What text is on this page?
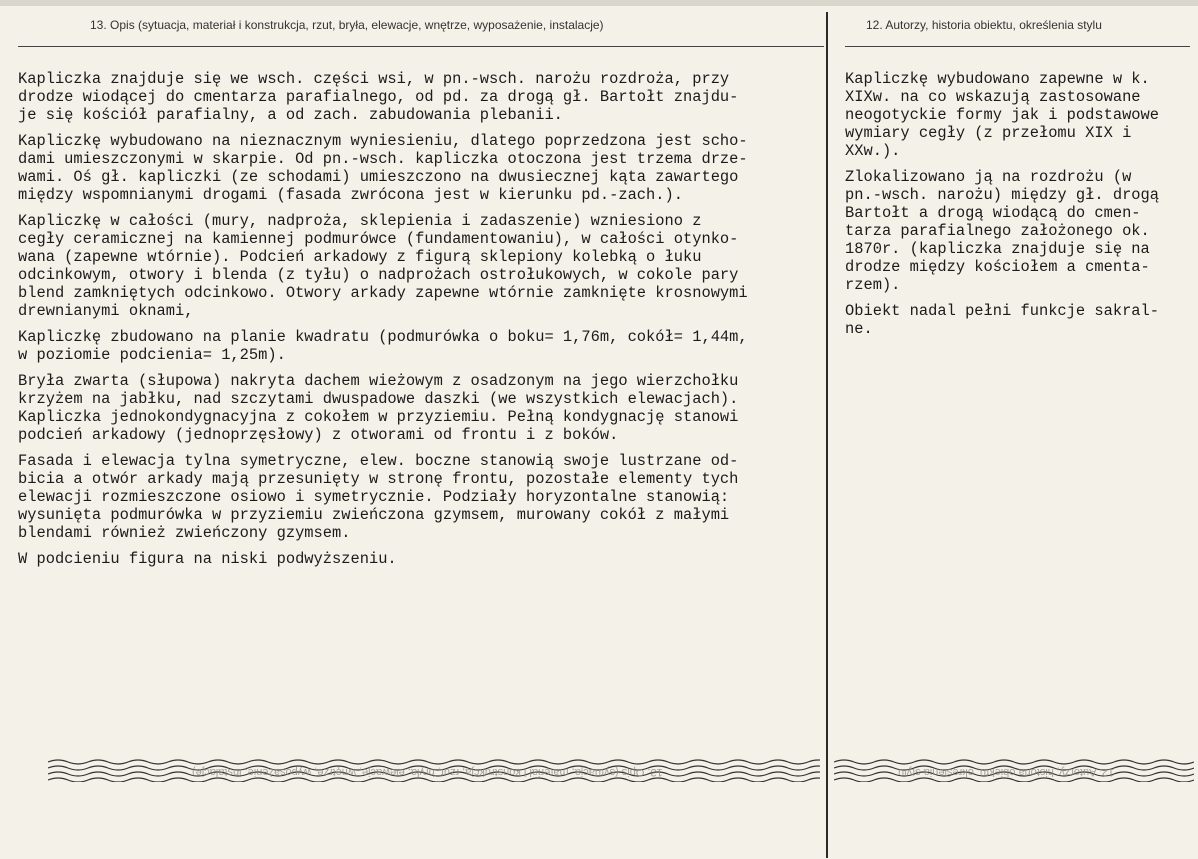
13. Opis (sytuacja, materiał i konstrukcja, rzut, bryła, elewacje, wnętrze, wyposażenie, instalacje)	12. Autorzy, historia obiektu, określenia stylu

Kapliczka znajduje się we wsch. części wsi, w pn.-wsch. narożu rozdroża, przy
drodze wiodącej do cmentarza parafialnego, od pd. za drogą gł. Bartołt znajdu-
je się kościół parafialny, a od zach. zabudowania plebanii.

Kapliczkę wybudowano na nieznacznym wyniesieniu, dlatego poprzedzona jest scho-
dami umieszczonymi w skarpie. Od pn.-wsch. kapliczka otoczona jest trzema drze-
wami. Oś gł. kapliczki (ze schodami) umieszczono na dwusiecznej kąta zawartego
między wspomnianymi drogami (fasada zwrócona jest w kierunku pd.-zach.).

Kapliczkę w całości (mury, nadproża, sklepienia i zadaszenie) wzniesiono z
cegły ceramicznej na kamiennej podmurówce (fundamentowaniu), w całości otynko-
wana (zapewne wtórnie). Podcień arkadowy z figurą sklepiony kolebką o łuku
odcinkowym, otwory i blenda (z tyłu) o nadprożach ostrołukowych, w cokole pary
blend zamkniętych odcinkowo. Otwory arkady zapewne wtórnie zamknięte krosnowymi
drewnianymi oknami,

Kapliczkę zbudowano na planie kwadratu (podmurówka o boku= 1,76m, cokół= 1,44m,
w poziomie podcienia= 1,25m).

Bryła zwarta (słupowa) nakryta dachem wieżowym z osadzonym na jego wierzchołku
krzyżem na jabłku, nad szczytami dwuspadowe daszki (we wszystkich elewacjach).
Kapliczka jednokondygnacyjna z cokołem w przyziemiu. Pełną kondygnację stanowi
podcień arkadowy (jednoprzęsłowy) z otworami od frontu i z boków.

Fasada i elewacja tylna symetryczne, elew. boczne stanowią swoje lustrzane od-
bicia a otwór arkady mają przesunięty w stronę frontu, pozostałe elementy tych
elewacji rozmieszczone osiowo i symetrycznie. Podziały horyzontalne stanowią:
wysunięta podmurówka w przyziemiu zwieńczona gzymsem, murowany cokół z małymi
blendami również zwieńczony gzymsem.

W podcieniu figura na niski podwyższeniu.

Kapliczkę wybudowano zapewne w k.
XIXw. na co wskazują zastosowane
neogotyckie formy jak i podstawowe
wymiary cegły (z przełomu XIX i
XXw.).

Zlokalizowano ją na rozdrożu (w
pn.-wsch. narożu) między gł. drogą
Bartołt a drogą wiodącą do cmen-
tarza parafialnego założonego ok.
1870r. (kapliczka znajduje się na
drodze między kościołem a cmenta-
rzem).

Obiekt nadal pełni funkcje sakral-
ne.

13. Opis (sytuacja, materiał i konstrukcja, rzut, bryła, elewacje, wnętrze, wyposażenie, instalacje)	12. Autorzy, historia obiektu, określenia stylu
